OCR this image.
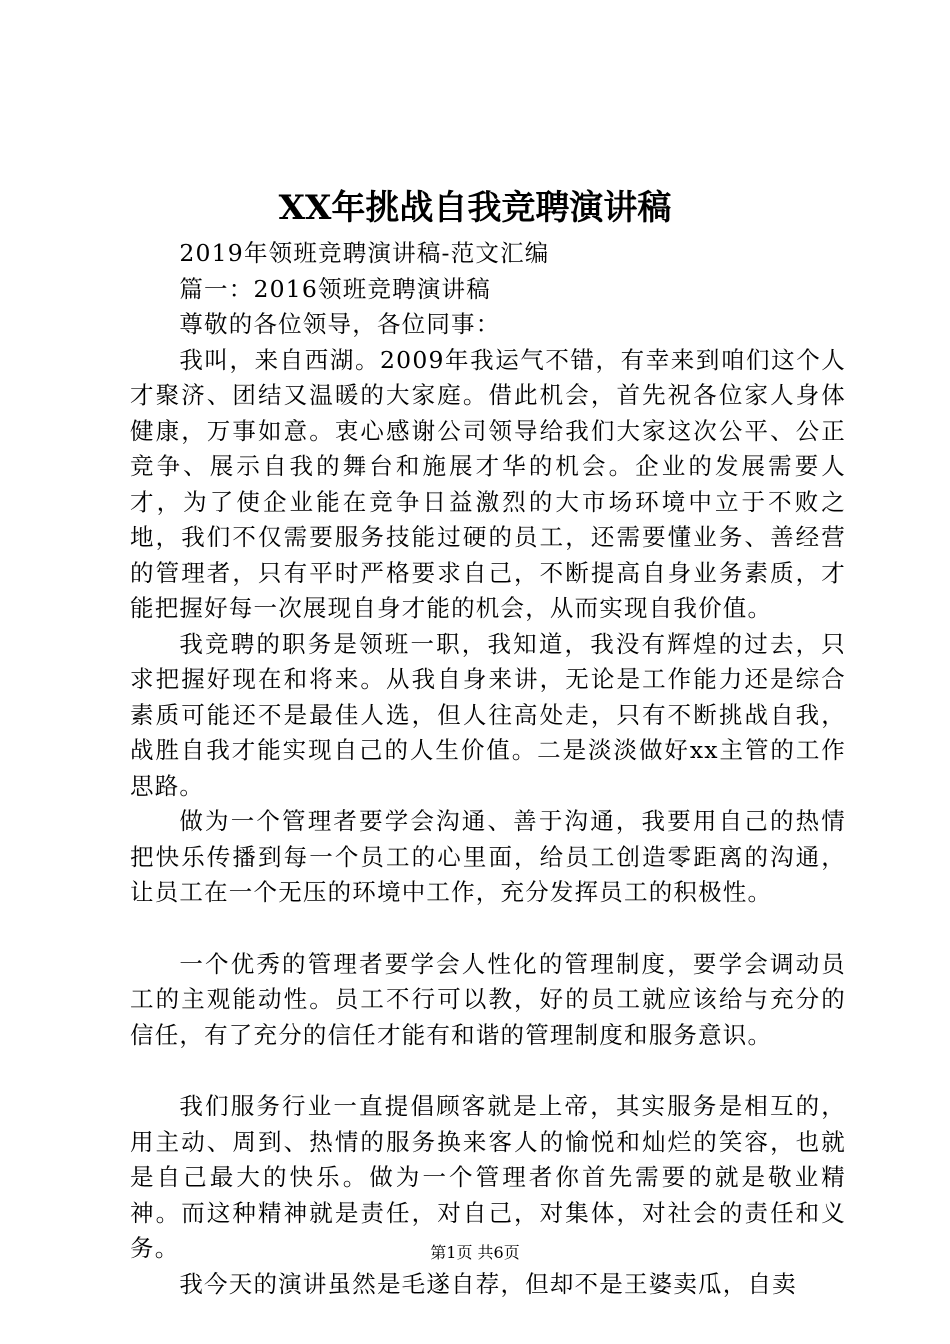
XX年挑战自我竞聘演讲稿

2019年领班竞聘演讲稿-范文汇编

篇一：2016领班竞聘演讲稿

尊敬的各位领导，各位同事：

我叫，来自西湖。2009年我运气不错，有幸来到咱们这个人才聚济、团结又温暖的大家庭。借此机会，首先祝各位家人身体健康，万事如意。衷心感谢公司领导给我们大家这次公平、公正竞争、展示自我的舞台和施展才华的机会。企业的发展需要人才，为了使企业能在竞争日益激烈的大市场环境中立于不败之地，我们不仅需要服务技能过硬的员工，还需要懂业务、善经营的管理者，只有平时严格要求自己，不断提高自身业务素质，才能把握好每一次展现自身才能的机会，从而实现自我价值。

我竞聘的职务是领班一职，我知道，我没有辉煌的过去，只求把握好现在和将来。从我自身来讲，无论是工作能力还是综合素质可能还不是最佳人选，但人往高处走，只有不断挑战自我，战胜自我才能实现自己的人生价值。二是淡淡做好xx主管的工作思路。

做为一个管理者要学会沟通、善于沟通，我要用自己的热情把快乐传播到每一个员工的心里面，给员工创造零距离的沟通，让员工在一个无压的环境中工作，充分发挥员工的积极性。

一个优秀的管理者要学会人性化的管理制度，要学会调动员工的主观能动性。员工不行可以教，好的员工就应该给与充分的信任，有了充分的信任才能有和谐的管理制度和服务意识。

我们服务行业一直提倡顾客就是上帝，其实服务是相互的，用主动、周到、热情的服务换来客人的愉悦和灿烂的笑容，也就是自己最大的快乐。做为一个管理者你首先需要的就是敬业精神。而这种精神就是责任，对自己，对集体，对社会的责任和义务。

我今天的演讲虽然是毛遂自荐，但却不是王婆卖瓜，自卖

第1页 共6页
